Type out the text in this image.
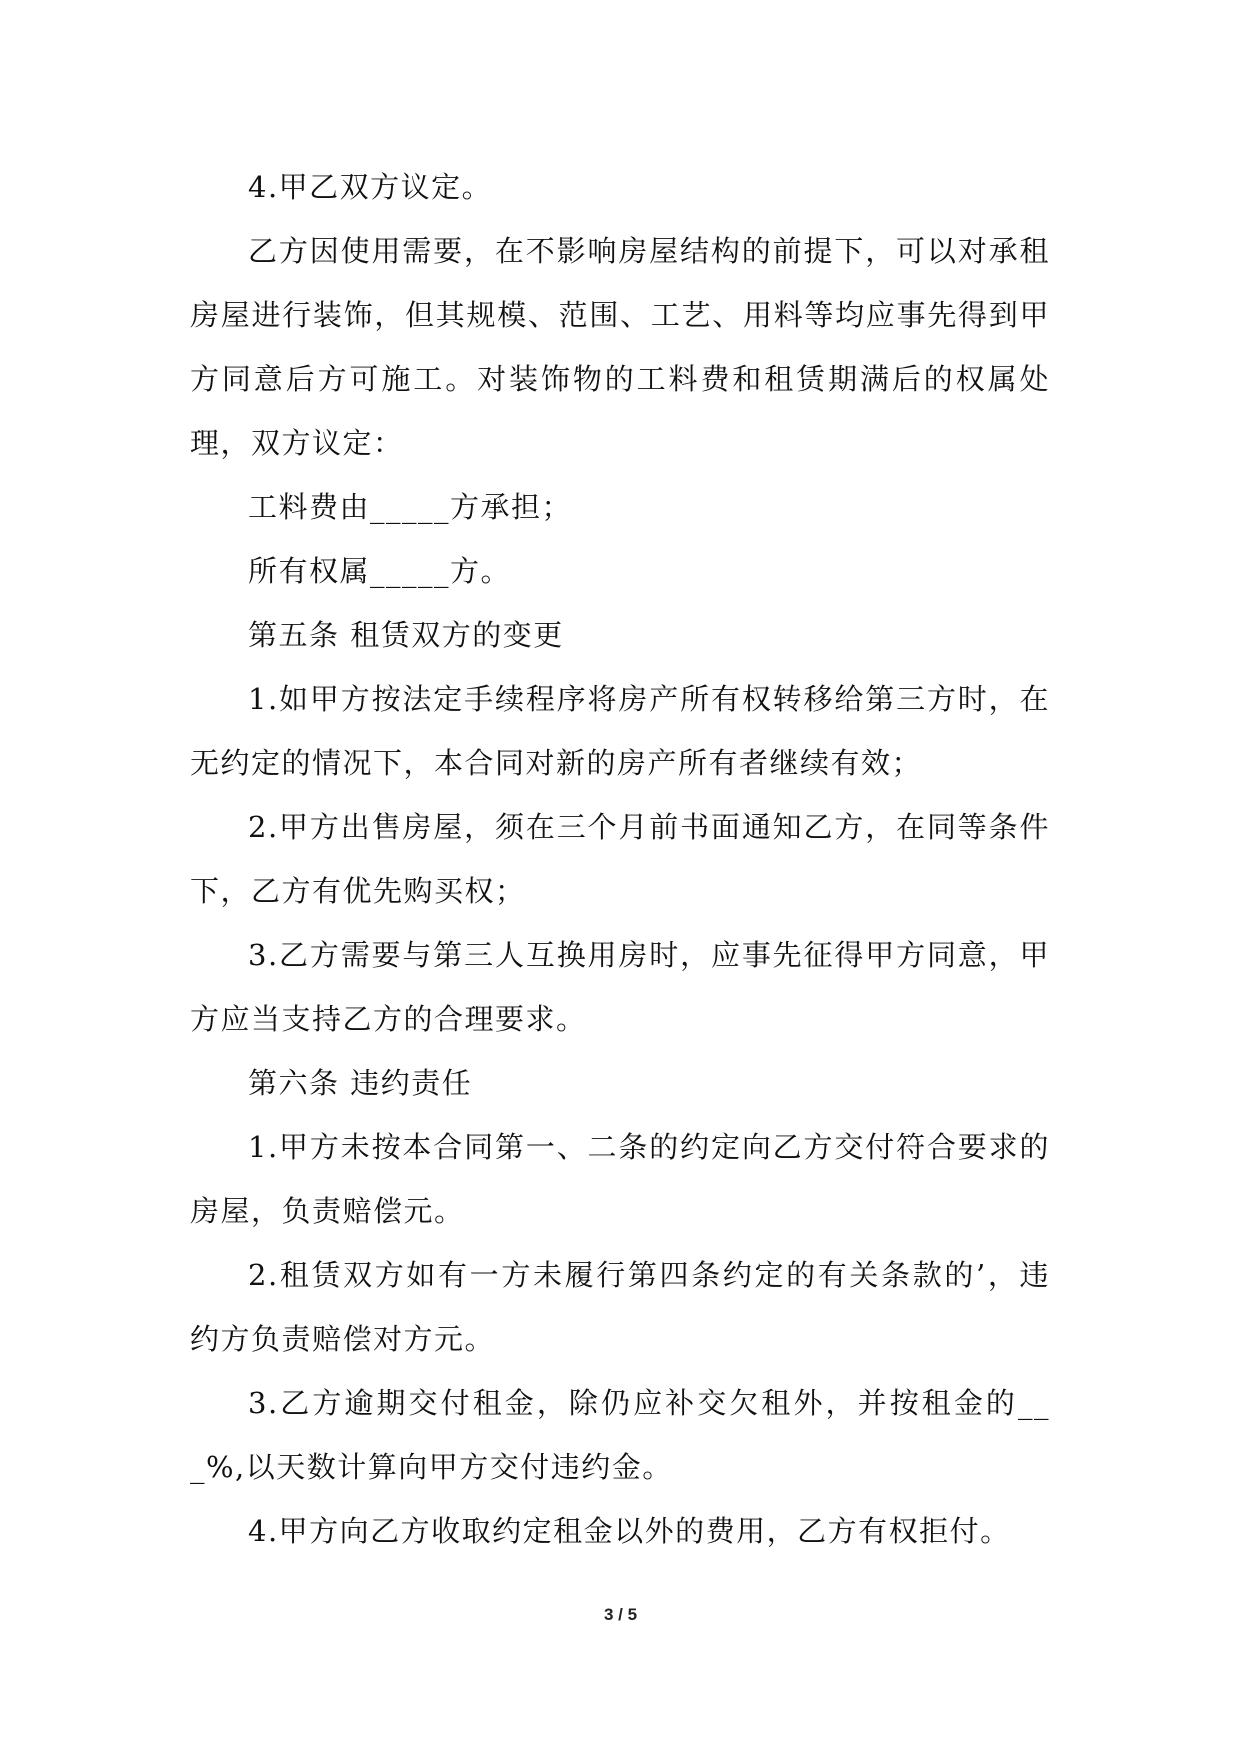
4.甲乙双方议定。

乙方因使用需要，在不影响房屋结构的前提下，可以对承租房屋进行装饰，但其规模、范围、工艺、用料等均应事先得到甲方同意后方可施工。对装饰物的工料费和租赁期满后的权属处理，双方议定：

工料费由_____方承担；

所有权属_____方。

第五条 租赁双方的变更

1.如甲方按法定手续程序将房产所有权转移给第三方时，在无约定的情况下，本合同对新的房产所有者继续有效；

2.甲方出售房屋，须在三个月前书面通知乙方，在同等条件下，乙方有优先购买权；

3.乙方需要与第三人互换用房时，应事先征得甲方同意，甲方应当支持乙方的合理要求。

第六条 违约责任

1.甲方未按本合同第一、二条的约定向乙方交付符合要求的房屋，负责赔偿元。

2.租赁双方如有一方未履行第四条约定的有关条款的’，违约方负责赔偿对方元。

3.乙方逾期交付租金，除仍应补交欠租外，并按租金的___%,以天数计算向甲方交付违约金。

4.甲方向乙方收取约定租金以外的费用，乙方有权拒付。

3 / 5
